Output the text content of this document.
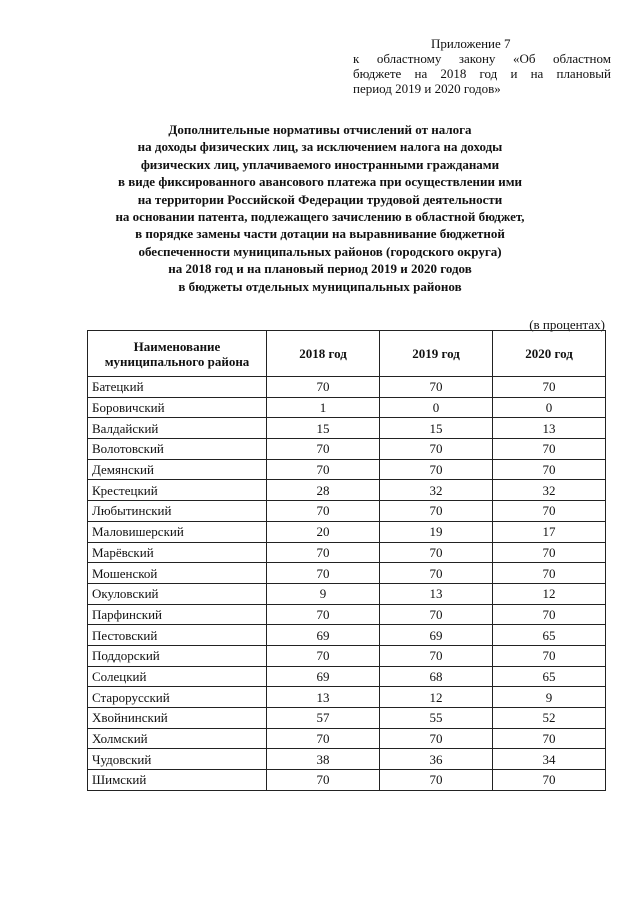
Приложение 7
к областному закону «Об областном
бюджете на 2018 год и на плановый
период 2019 и 2020 годов»
Дополнительные нормативы отчислений от налога
на доходы физических лиц, за исключением налога на доходы
физических лиц, уплачиваемого иностранными гражданами
в виде фиксированного авансового платежа при осуществлении ими
на территории Российской Федерации трудовой деятельности
на основании патента, подлежащего зачислению в областной бюджет,
в порядке замены части дотации на выравнивание бюджетной
обеспеченности муниципальных районов (городского округа)
на 2018 год и на плановый период 2019 и 2020 годов
в бюджеты отдельных муниципальных районов
(в процентах)
Наименование муниципального района	2018 год	2019 год	2020 год
Батецкий	70	70	70
Боровичский	1	0	0
Валдайский	15	15	13
Волотовский	70	70	70
Демянский	70	70	70
Крестецкий	28	32	32
Любытинский	70	70	70
Маловишерский	20	19	17
Марёвский	70	70	70
Мошенской	70	70	70
Окуловский	9	13	12
Парфинский	70	70	70
Пестовский	69	69	65
Поддорский	70	70	70
Солецкий	69	68	65
Старорусский	13	12	9
Хвойнинский	57	55	52
Холмский	70	70	70
Чудовский	38	36	34
Шимский	70	70	70
